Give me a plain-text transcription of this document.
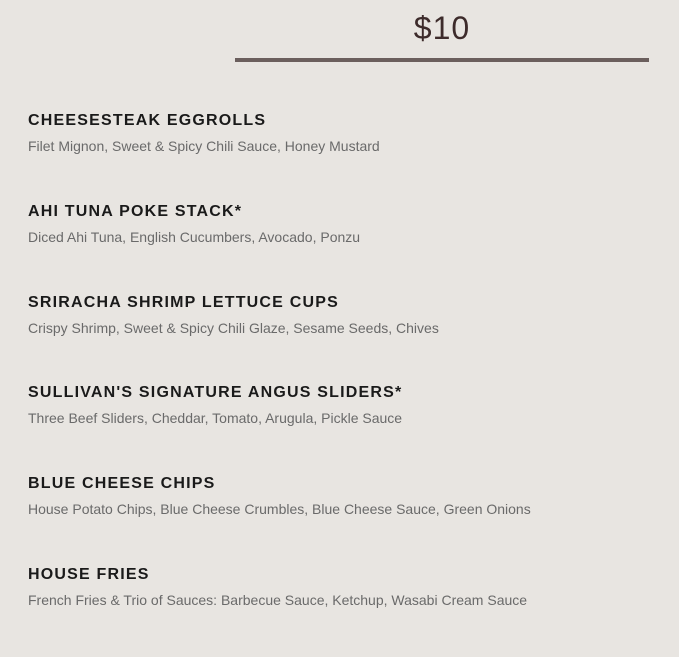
$10
CHEESESTEAK EGGROLLS

Filet Mignon, Sweet & Spicy Chili Sauce, Honey Mustard

AHI TUNA POKE STACK*

Diced Ahi Tuna, English Cucumbers, Avocado, Ponzu

SRIRACHA SHRIMP LETTUCE CUPS

Crispy Shrimp, Sweet & Spicy Chili Glaze, Sesame Seeds, Chives

SULLIVAN'S SIGNATURE ANGUS SLIDERS*

Three Beef Sliders, Cheddar, Tomato, Arugula, Pickle Sauce

BLUE CHEESE CHIPS

House Potato Chips, Blue Cheese Crumbles, Blue Cheese Sauce, Green Onions

HOUSE FRIES

French Fries & Trio of Sauces: Barbecue Sauce, Ketchup, Wasabi Cream Sauce
